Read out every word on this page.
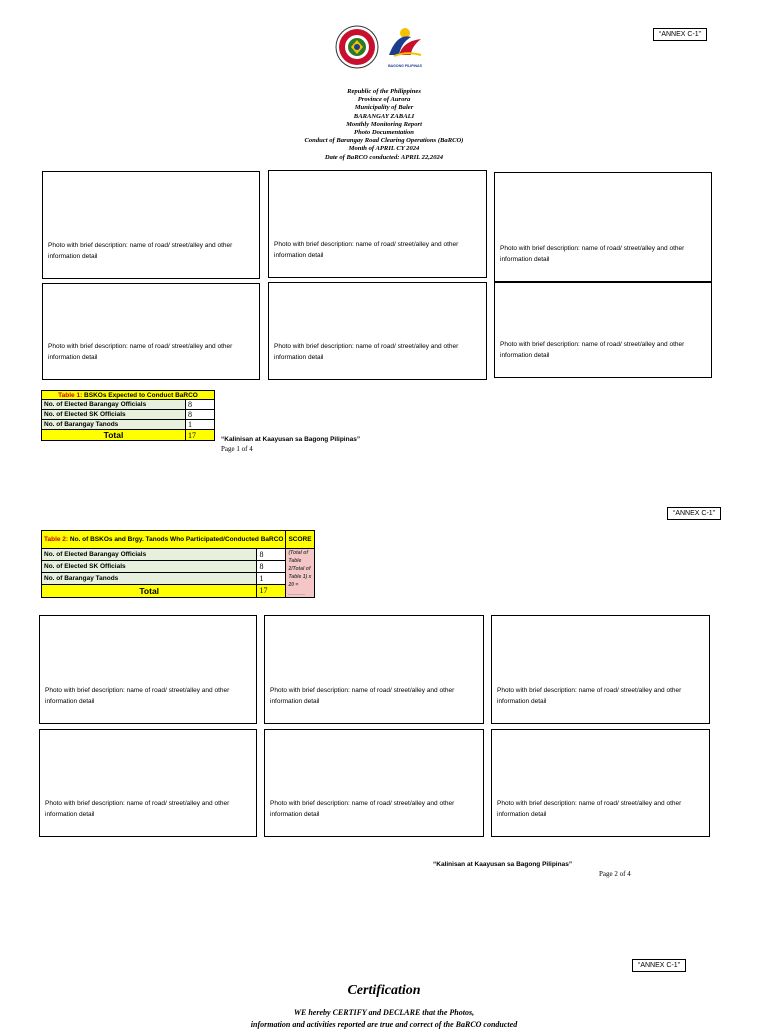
“ANNEX C-1”
BAGONG PILIPINAS
Republic of the Philippines
Province of Aurora
Municipality of Baler
BARANGAY ZABALI
Monthly Monitoring Report
Photo Documentation
Conduct of Barangay Road Clearing Operations (BaRCO)
Month of APRIL CY 2024
Date of BaRCO conducted: APRIL 22,2024
Photo with brief description: name of road/ street/alley and other information detail
Photo with brief description: name of road/ street/alley and other information detail
Photo with brief description: name of road/ street/alley and other information detail
Photo with brief description: name of road/ street/alley and other information detail
Photo with brief description: name of road/ street/alley and other information detail
Photo with brief description: name of road/ street/alley and other information detail
Table 1: BSKOs Expected to Conduct BaRCO	
No. of Elected Barangay Officials	8
No. of Elected SK Officials	8
No. of Barangay Tanods	1
Total	17	“Kalinisan at Kaayusan sa Bagong Pilipinas”
Page 1 of 4
“ANNEX C-1”
Table 2: No. of BSKOs and Brgy. Tanods Who Participated/Conducted BaRCO		SCORE
No. of Elected Barangay Officials	8	(Total of Table 2/Total of Table 1) x 20 = ______
No. of Elected SK Officials	8	
No. of Barangay Tanods	1	
Total	17	
Photo with brief description: name of road/ street/alley and other information detail
Photo with brief description: name of road/ street/alley and other information detail
Photo with brief description: name of road/ street/alley and other information detail
Photo with brief description: name of road/ street/alley and other information detail
Photo with brief description: name of road/ street/alley and other information detail
Photo with brief description: name of road/ street/alley and other information detail
“Kalinisan at Kaayusan sa Bagong Pilipinas”
Page 2 of 4
“ANNEX C-1”
Certification
WE hereby CERTIFY and DECLARE that the Photos,
information and activities reported are true and correct of the BaRCO conducted
